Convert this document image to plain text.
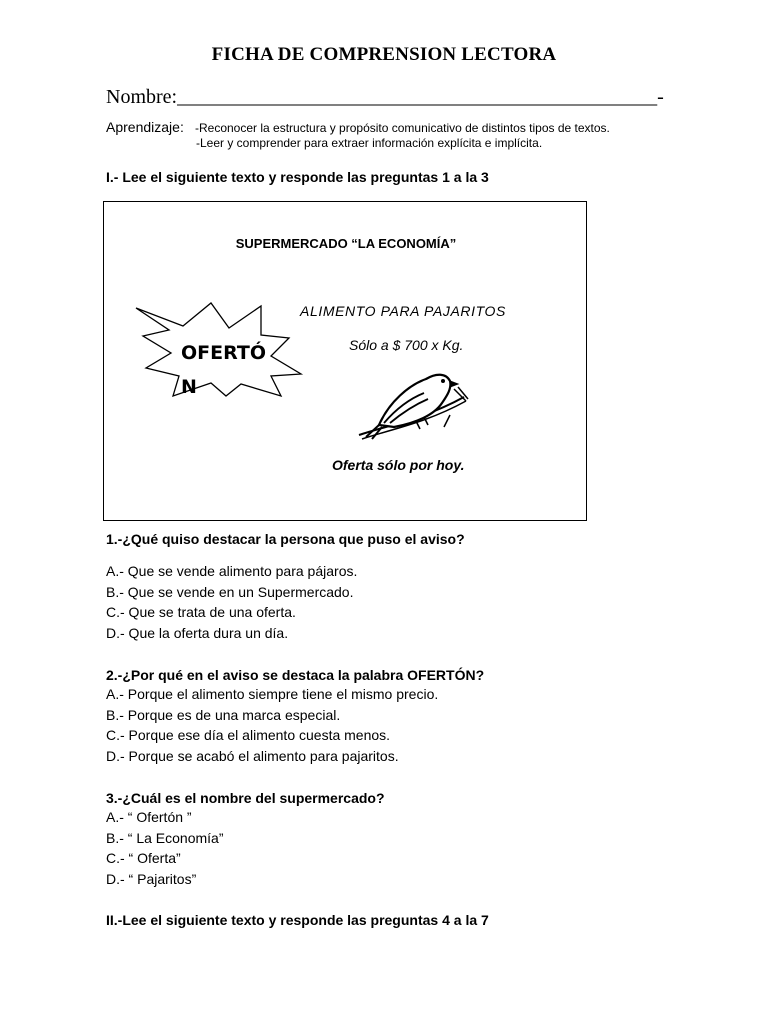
FICHA DE COMPRENSION LECTORA
Nombre:________________________________________________-
Aprendizaje: -Reconocer la estructura y propósito comunicativo de distintos tipos de textos.
-Leer y comprender para extraer información explícita e implícita.
I.- Lee el siguiente texto y responde las preguntas 1 a la 3
SUPERMERCADO “LA ECONOMÍA”
OFERTÓ
N
ALIMENTO PARA PAJARITOS
Sólo a $ 700 x Kg.
Oferta sólo por hoy.
1.-¿Qué quiso destacar la persona que puso el aviso?
A.- Que se vende alimento para pájaros.
B.- Que se vende en un Supermercado.
C.- Que se trata de una oferta.
D.- Que la oferta dura un día.
2.-¿Por qué en el aviso se destaca la palabra OFERTÓN?
A.- Porque el alimento siempre tiene el mismo precio.
B.- Porque es de una marca especial.
C.- Porque ese día el alimento cuesta menos.
D.- Porque se acabó el alimento para pajaritos.
3.-¿Cuál es el nombre del supermercado?
A.- “ Ofertón ”
B.- “ La Economía”
C.- “ Oferta”
D.- “ Pajaritos”
II.-Lee el siguiente texto y responde las preguntas 4 a la 7
